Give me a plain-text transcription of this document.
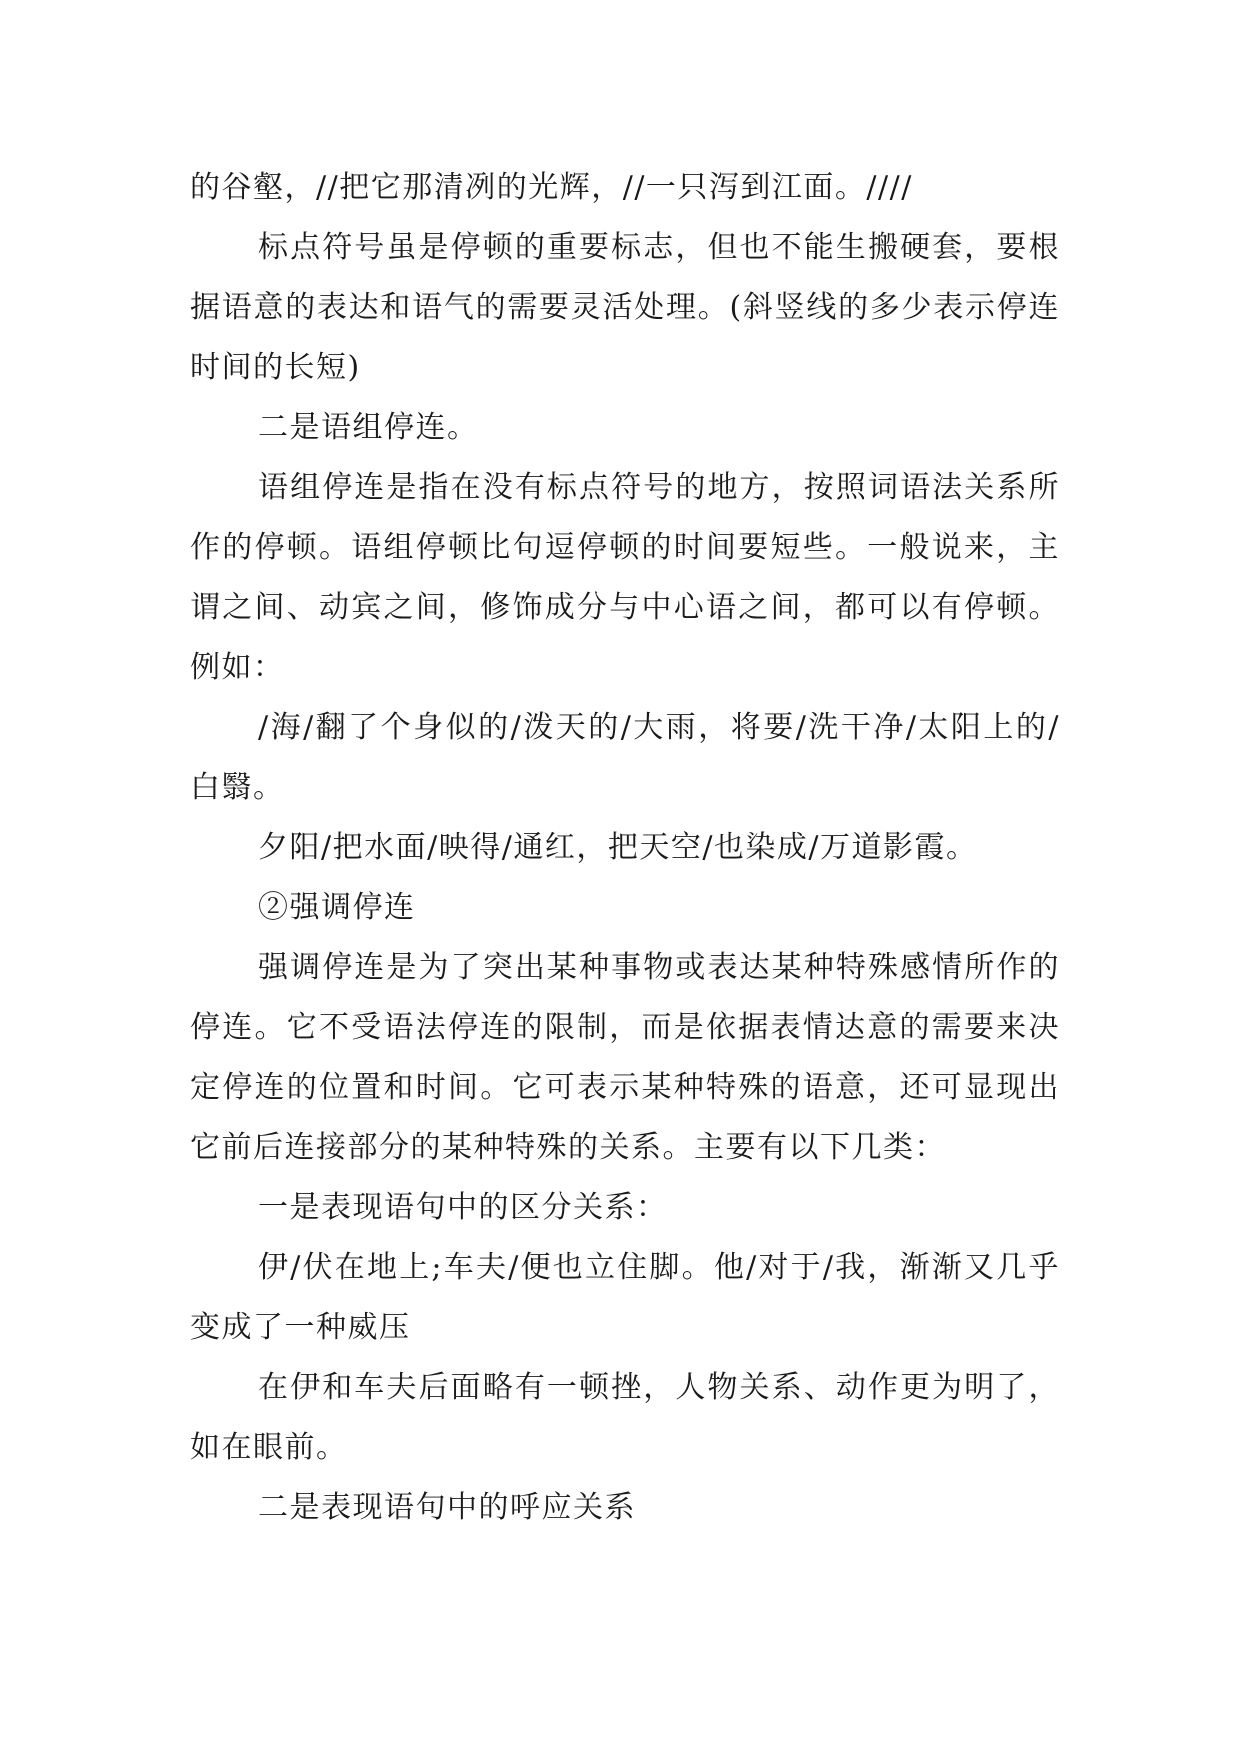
的谷壑，//把它那清冽的光辉，//一只泻到江面。////

标点符号虽是停顿的重要标志，但也不能生搬硬套，要根据语意的表达和语气的需要灵活处理。(斜竖线的多少表示停连时间的长短)

二是语组停连。

语组停连是指在没有标点符号的地方，按照词语法关系所作的停顿。语组停顿比句逗停顿的时间要短些。一般说来，主谓之间、动宾之间，修饰成分与中心语之间，都可以有停顿。例如：

/海/翻了个身似的/泼天的/大雨，将要/洗干净/太阳上的/白翳。

夕阳/把水面/映得/通红，把天空/也染成/万道影霞。

②强调停连

强调停连是为了突出某种事物或表达某种特殊感情所作的停连。它不受语法停连的限制，而是依据表情达意的需要来决定停连的位置和时间。它可表示某种特殊的语意，还可显现出它前后连接部分的某种特殊的关系。主要有以下几类：

一是表现语句中的区分关系：

伊/伏在地上;车夫/便也立住脚。他/对于/我，渐渐又几乎变成了一种威压

在伊和车夫后面略有一顿挫，人物关系、动作更为明了，如在眼前。

二是表现语句中的呼应关系
